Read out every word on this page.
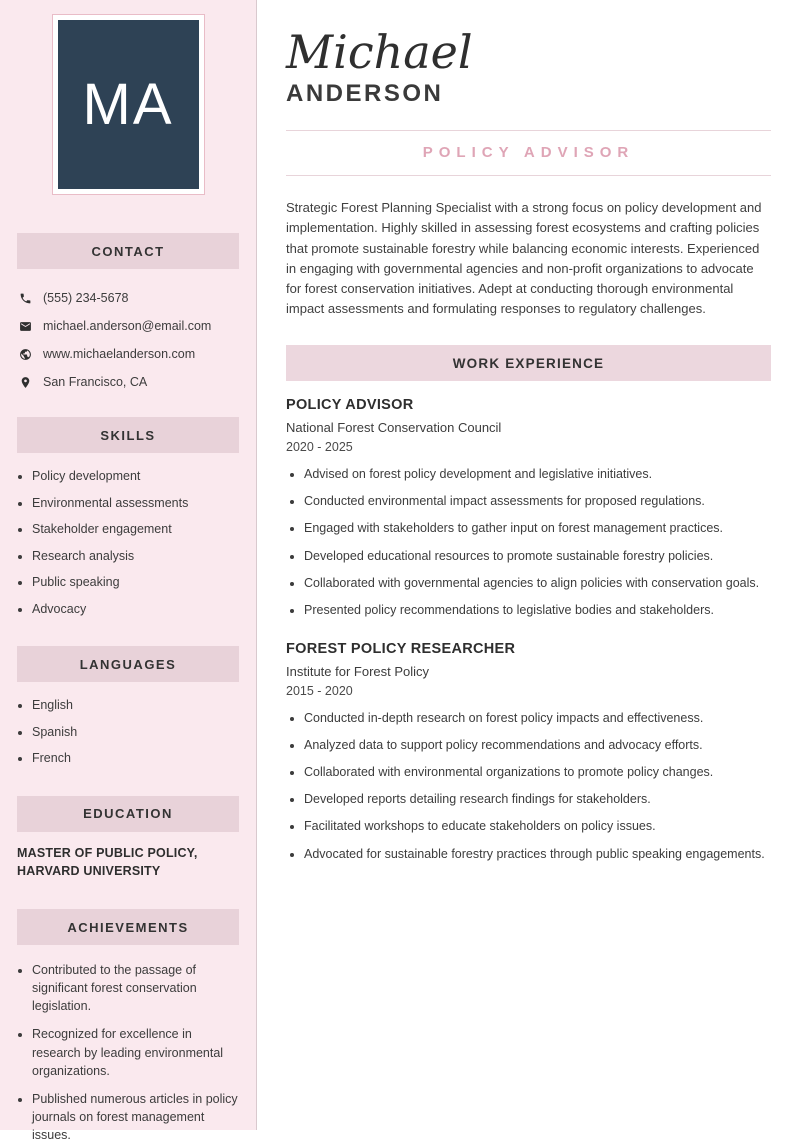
MA
CONTACT
(555) 234-5678
michael.anderson@email.com
www.michaelanderson.com
San Francisco, CA
SKILLS
• Policy development
• Environmental assessments
• Stakeholder engagement
• Research analysis
• Public speaking
• Advocacy
LANGUAGES
• English
• Spanish
• French
EDUCATION

MASTER OF PUBLIC POLICY, HARVARD UNIVERSITY

ACHIEVEMENTS
• Contributed to the passage of significant forest conservation legislation.
• Recognized for excellence in research by leading environmental organizations.
• Published numerous articles in policy journals on forest management issues.
Michael
ANDERSON
POLICY ADVISOR

Strategic Forest Planning Specialist with a strong focus on policy development and implementation. Highly skilled in assessing forest ecosystems and crafting policies that promote sustainable forestry while balancing economic interests. Experienced in engaging with governmental agencies and non-profit organizations to advocate for forest conservation initiatives. Adept at conducting thorough environmental impact assessments and formulating responses to regulatory challenges.

WORK EXPERIENCE
POLICY ADVISOR
National Forest Conservation Council
2020 - 2025
• Advised on forest policy development and legislative initiatives.
• Conducted environmental impact assessments for proposed regulations.
• Engaged with stakeholders to gather input on forest management practices.
• Developed educational resources to promote sustainable forestry policies.
• Collaborated with governmental agencies to align policies with conservation goals.
• Presented policy recommendations to legislative bodies and stakeholders.
FOREST POLICY RESEARCHER
Institute for Forest Policy
2015 - 2020
• Conducted in-depth research on forest policy impacts and effectiveness.
• Analyzed data to support policy recommendations and advocacy efforts.
• Collaborated with environmental organizations to promote policy changes.
• Developed reports detailing research findings for stakeholders.
• Facilitated workshops to educate stakeholders on policy issues.
• Advocated for sustainable forestry practices through public speaking engagements.
